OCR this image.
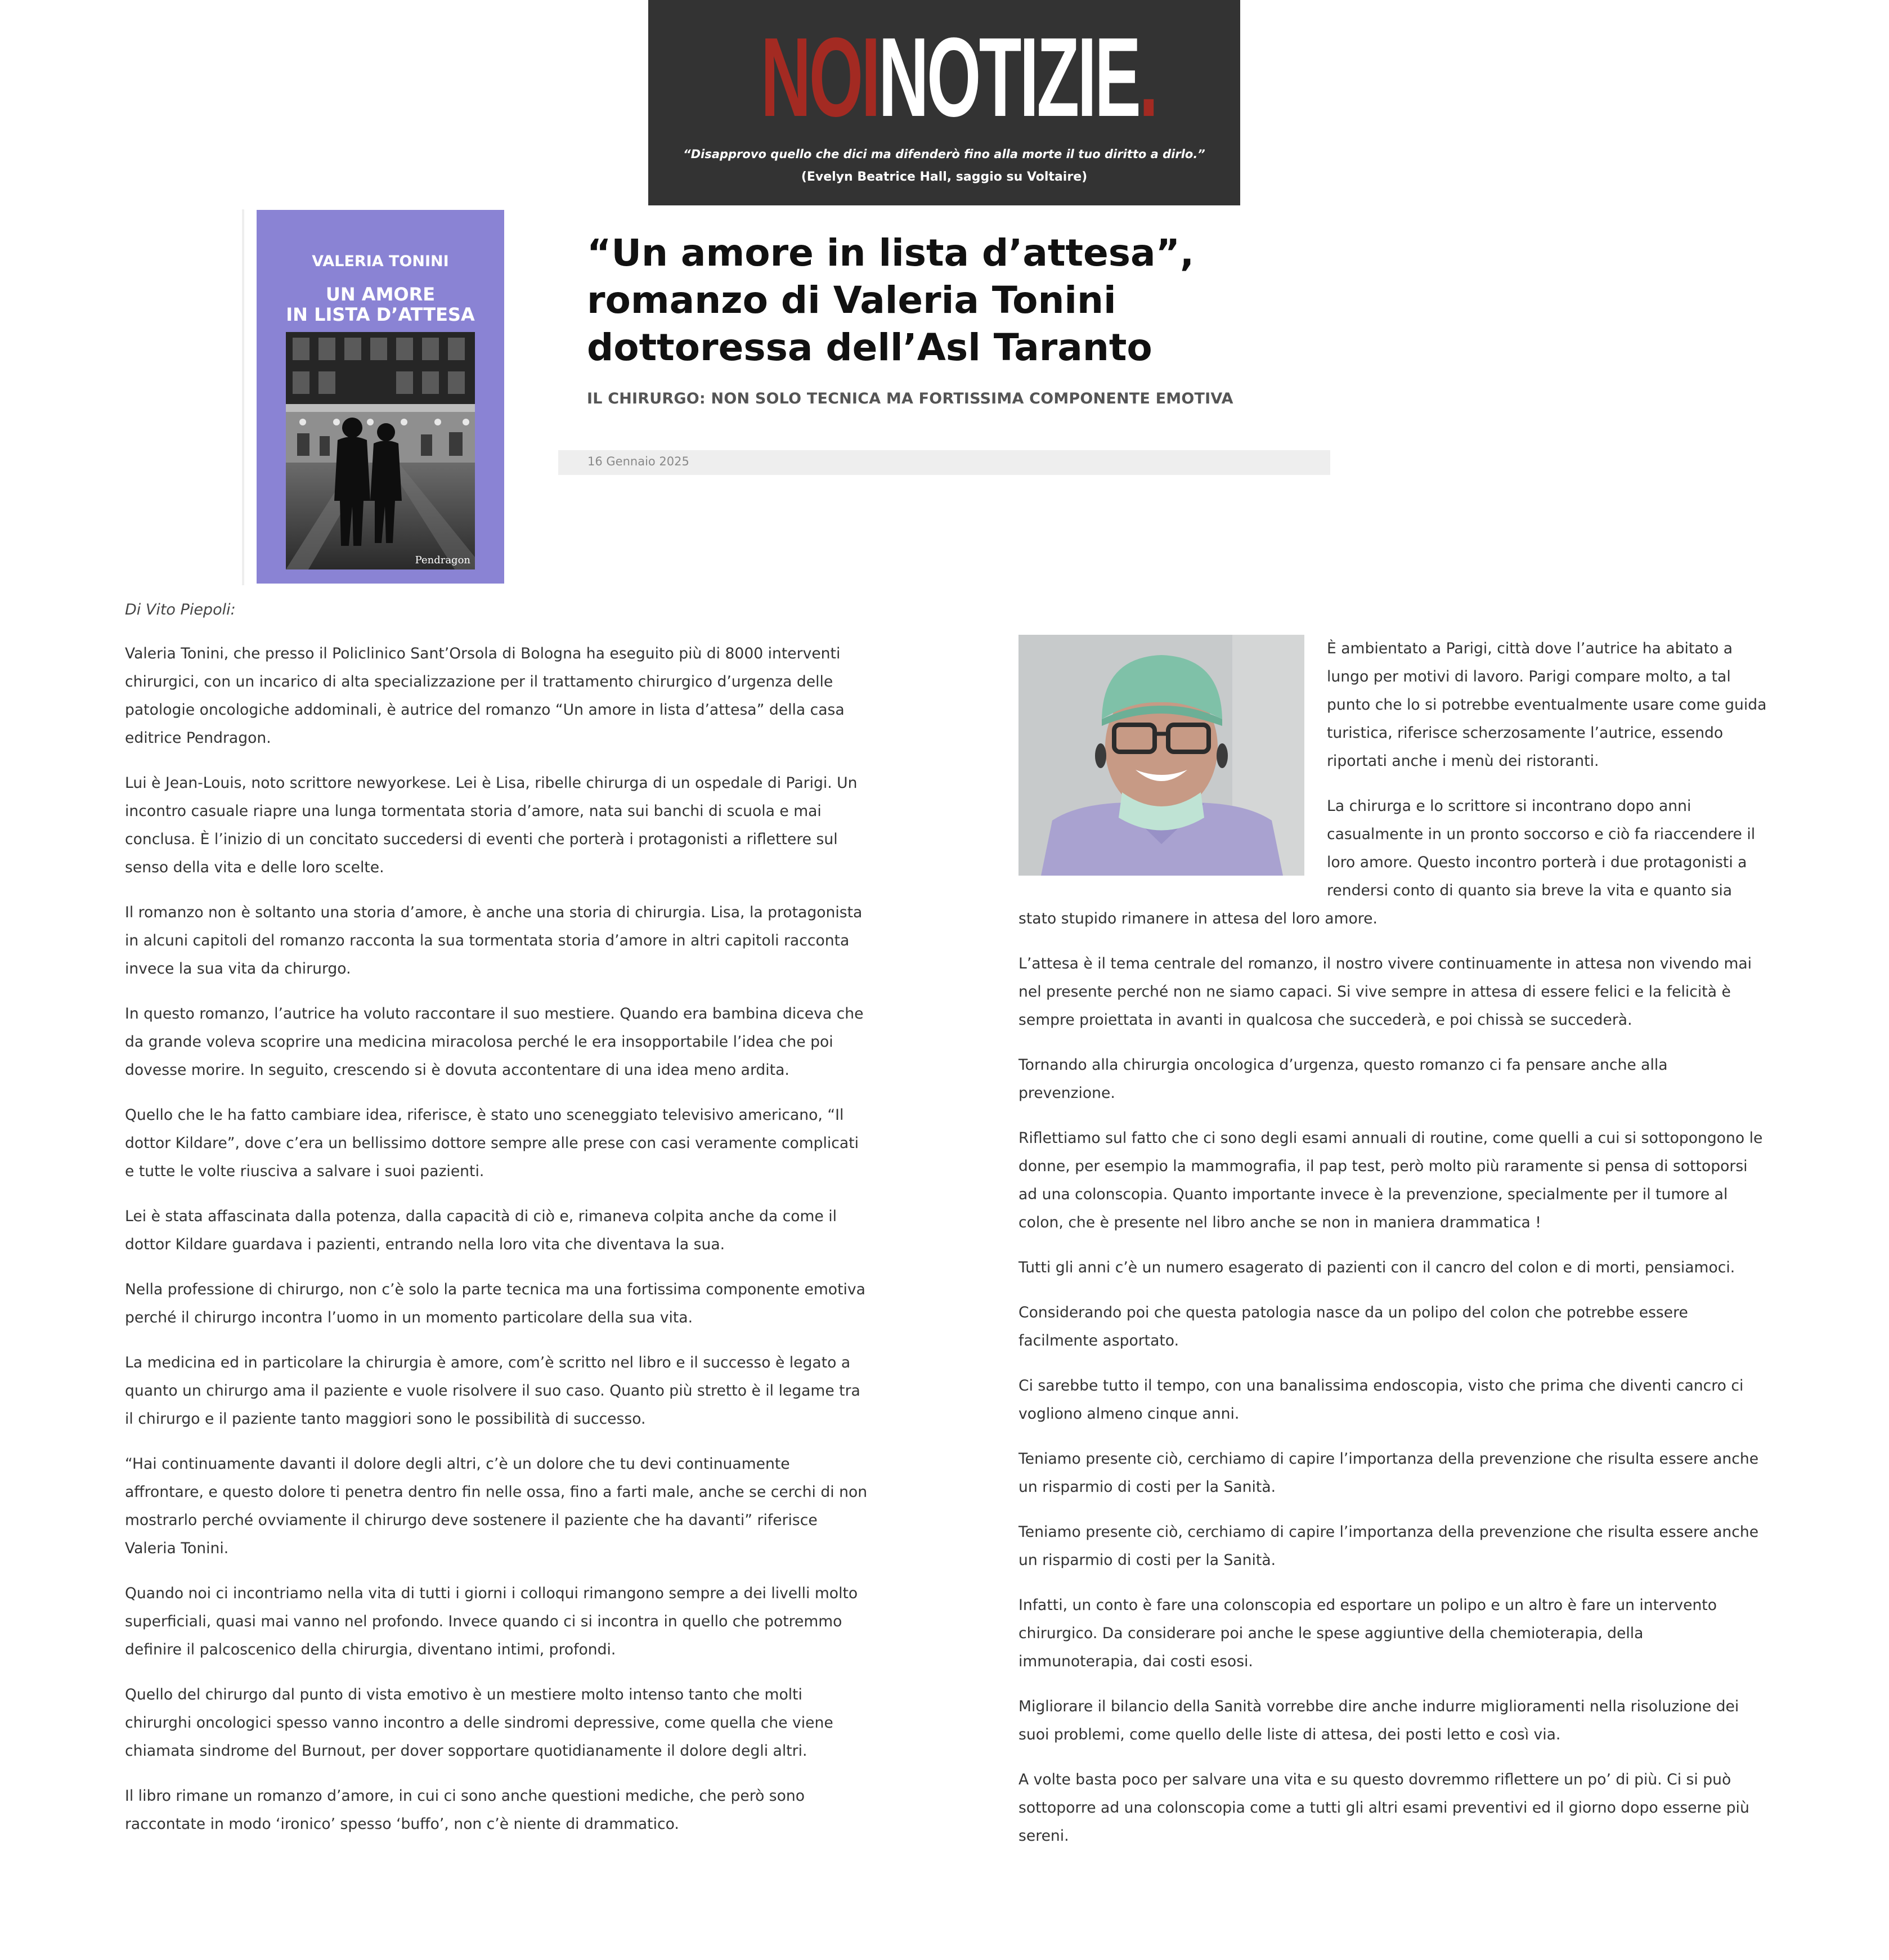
NOINOTIZIE.
“Disapprovo quello che dici ma difenderò fino alla morte il tuo diritto a dirlo.”
(Evelyn Beatrice Hall, saggio su Voltaire)
VALERIA TONINI
UN AMORE
IN LISTA D’ATTESA
Pendragon
“Un amore in lista d’attesa”, romanzo di Valeria Tonini dottoressa dell’Asl Taranto
IL CHIRURGO: NON SOLO TECNICA MA FORTISSIMA COMPONENTE EMOTIVA
16 Gennaio 2025
Di Vito Piepoli:

Valeria Tonini, che presso il Policlinico Sant’Orsola di Bologna ha eseguito più di 8000 interventi chirurgici, con un incarico di alta specializzazione per il trattamento chirurgico d’urgenza delle patologie oncologiche addominali, è autrice del romanzo “Un amore in lista d’attesa” della casa editrice Pendragon.

Lui è Jean-Louis, noto scrittore newyorkese. Lei è Lisa, ribelle chirurga di un ospedale di Parigi. Un incontro casuale riapre una lunga tormentata storia d’amore, nata sui banchi di scuola e mai conclusa. È l’inizio di un concitato succedersi di eventi che porterà i protagonisti a riflettere sul senso della vita e delle loro scelte.

Il romanzo non è soltanto una storia d’amore, è anche una storia di chirurgia. Lisa, la protagonista in alcuni capitoli del romanzo racconta la sua tormentata storia d’amore in altri capitoli racconta invece la sua vita da chirurgo.

In questo romanzo, l’autrice ha voluto raccontare il suo mestiere. Quando era bambina diceva che da grande voleva scoprire una medicina miracolosa perché le era insopportabile l’idea che poi dovesse morire. In seguito, crescendo si è dovuta accontentare di una idea meno ardita.

Quello che le ha fatto cambiare idea, riferisce, è stato uno sceneggiato televisivo americano, “Il dottor Kildare”, dove c’era un bellissimo dottore sempre alle prese con casi veramente complicati e tutte le volte riusciva a salvare i suoi pazienti.

Lei è stata affascinata dalla potenza, dalla capacità di ciò e, rimaneva colpita anche da come il dottor Kildare guardava i pazienti, entrando nella loro vita che diventava la sua.

Nella professione di chirurgo, non c’è solo la parte tecnica ma una fortissima componente emotiva perché il chirurgo incontra l’uomo in un momento particolare della sua vita.

La medicina ed in particolare la chirurgia è amore, com’è scritto nel libro e il successo è legato a quanto un chirurgo ama il paziente e vuole risolvere il suo caso. Quanto più stretto è il legame tra il chirurgo e il paziente tanto maggiori sono le possibilità di successo.

“Hai continuamente davanti il dolore degli altri, c’è un dolore che tu devi continuamente affrontare, e questo dolore ti penetra dentro fin nelle ossa, fino a farti male, anche se cerchi di non mostrarlo perché ovviamente il chirurgo deve sostenere il paziente che ha davanti” riferisce Valeria Tonini.

Quando noi ci incontriamo nella vita di tutti i giorni i colloqui rimangono sempre a dei livelli molto superficiali, quasi mai vanno nel profondo. Invece quando ci si incontra in quello che potremmo definire il palcoscenico della chirurgia, diventano intimi, profondi.

Quello del chirurgo dal punto di vista emotivo è un mestiere molto intenso tanto che molti chirurghi oncologici spesso vanno incontro a delle sindromi depressive, come quella che viene chiamata sindrome del Burnout, per dover sopportare quotidianamente il dolore degli altri.

Il libro rimane un romanzo d’amore, in cui ci sono anche questioni mediche, che però sono raccontate in modo ‘ironico’ spesso ‘buffo’, non c’è niente di drammatico.

È ambientato a Parigi, città dove l’autrice ha abitato a lungo per motivi di lavoro. Parigi compare molto, a tal punto che lo si potrebbe eventualmente usare come guida turistica, riferisce scherzosamente l’autrice, essendo riportati anche i menù dei ristoranti.

La chirurga e lo scrittore si incontrano dopo anni casualmente in un pronto soccorso e ciò fa riaccendere il loro amore. Questo incontro porterà i due protagonisti a rendersi conto di quanto sia breve la vita e quanto sia stato stupido rimanere in attesa del loro amore.

L’attesa è il tema centrale del romanzo, il nostro vivere continuamente in attesa non vivendo mai nel presente perché non ne siamo capaci. Si vive sempre in attesa di essere felici e la felicità è sempre proiettata in avanti in qualcosa che succederà, e poi chissà se succederà.

Tornando alla chirurgia oncologica d’urgenza, questo romanzo ci fa pensare anche alla prevenzione.

Riflettiamo sul fatto che ci sono degli esami annuali di routine, come quelli a cui si sottopongono le donne, per esempio la mammografia, il pap test, però molto più raramente si pensa di sottoporsi ad una colonscopia. Quanto importante invece è la prevenzione, specialmente per il tumore al colon, che è presente nel libro anche se non in maniera drammatica !

Tutti gli anni c’è un numero esagerato di pazienti con il cancro del colon e di morti, pensiamoci.

Considerando poi che questa patologia nasce da un polipo del colon che potrebbe essere facilmente asportato.

Ci sarebbe tutto il tempo, con una banalissima endoscopia, visto che prima che diventi cancro ci vogliono almeno cinque anni.

Teniamo presente ciò, cerchiamo di capire l’importanza della prevenzione che risulta essere anche un risparmio di costi per la Sanità.

Teniamo presente ciò, cerchiamo di capire l’importanza della prevenzione che risulta essere anche un risparmio di costi per la Sanità.

Infatti, un conto è fare una colonscopia ed esportare un polipo e un altro è fare un intervento chirurgico. Da considerare poi anche le spese aggiuntive della chemioterapia, della immunoterapia, dai costi esosi.

Migliorare il bilancio della Sanità vorrebbe dire anche indurre miglioramenti nella risoluzione dei suoi problemi, come quello delle liste di attesa, dei posti letto e così via.

A volte basta poco per salvare una vita e su questo dovremmo riflettere un po’ di più. Ci si può sottoporre ad una colonscopia come a tutti gli altri esami preventivi ed il giorno dopo esserne più sereni.
